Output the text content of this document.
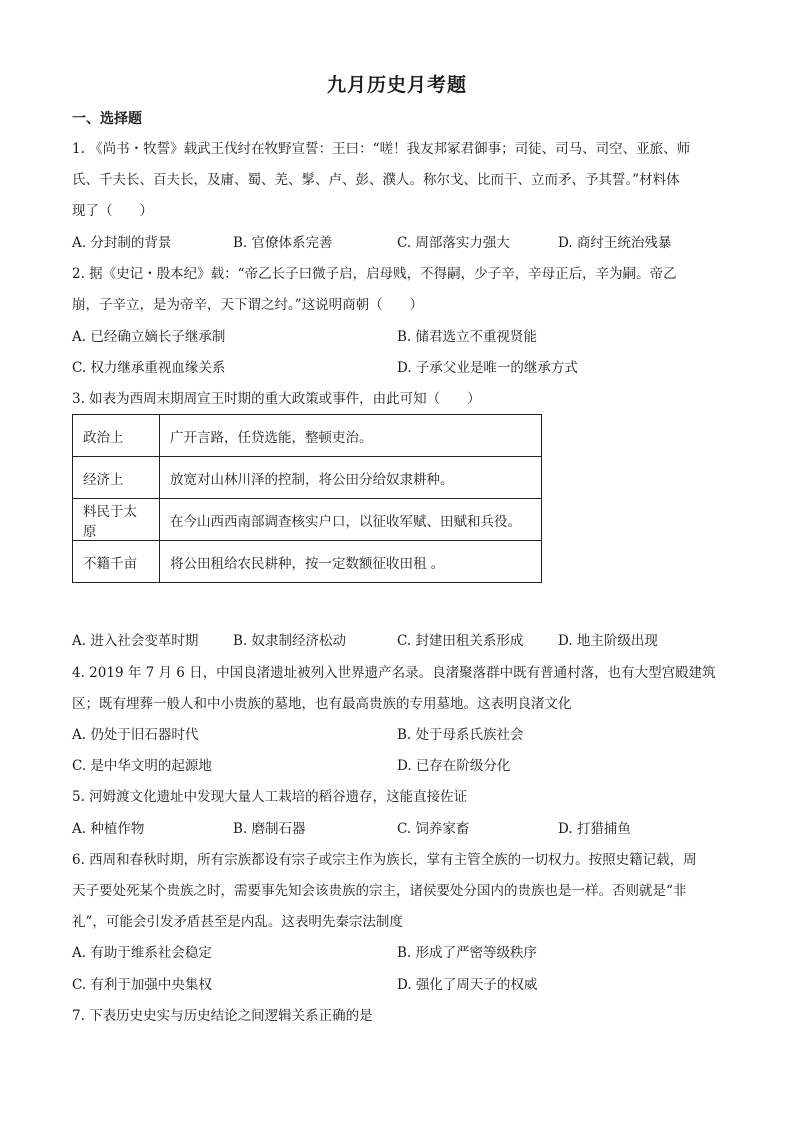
九月历史月考题
一、选择题
1. 《尚书・牧誓》载武王伐纣在牧野宣誓：王曰：“嗟！我友邦冢君御事；司徒、司马、司空、亚旅、师
氏、千夫长、百夫长，及庸、蜀、羌、髳、卢、彭、濮人。称尔戈、比而干、立而矛、予其誓。”材料体
现了（　　）
A. 分封制的背景	B. 官僚体系完善	C. 周部落实力强大	D. 商纣王统治残暴
2. 据《史记・殷本纪》载：“帝乙长子曰微子启，启母贱，不得嗣，少子辛，辛母正后，辛为嗣。帝乙
崩，子辛立，是为帝辛，天下谓之纣。”这说明商朝（　　）
A. 已经确立嫡长子继承制	B. 储君选立不重视贤能
C. 权力继承重视血缘关系	D. 子承父业是唯一的继承方式
3. 如表为西周末期周宣王时期的重大政策或事件，由此可知（　　）
政治上	广开言路，任贷选能，整顿吏治。
经济上	放宽对山林川泽的控制，将公田分给奴隶耕种。
料民于太原	在今山西西南部调查核实户口，以征收军赋、田赋和兵役。
不籍千亩	将公田租给农民耕种，按一定数额征收田租 。
A. 进入社会变革时期	B. 奴隶制经济松动	C. 封建田租关系形成	D. 地主阶级出现
4. 2019 年 7 月 6 日，中国良渚遗址被列入世界遗产名录。良渚聚落群中既有普通村落，也有大型宫殿建筑
区；既有埋葬一般人和中小贵族的墓地，也有最高贵族的专用墓地。这表明良渚文化
A. 仍处于旧石器时代	B. 处于母系氏族社会
C. 是中华文明的起源地	D. 已存在阶级分化
5. 河姆渡文化遗址中发现大量人工栽培的稻谷遗存，这能直接佐证
A. 种植作物	B. 磨制石器	C. 饲养家畜	D. 打猎捕鱼
6. 西周和春秋时期，所有宗族都设有宗子或宗主作为族长，掌有主管全族的一切权力。按照史籍记载，周
天子要处死某个贵族之时，需要事先知会该贵族的宗主，诸侯要处分国内的贵族也是一样。否则就是“非
礼”，可能会引发矛盾甚至是内乱。这表明先秦宗法制度
A. 有助于维系社会稳定	B. 形成了严密等级秩序
C. 有利于加强中央集权	D. 强化了周天子的权威
7. 下表历史史实与历史结论之间逻辑关系正确的是
